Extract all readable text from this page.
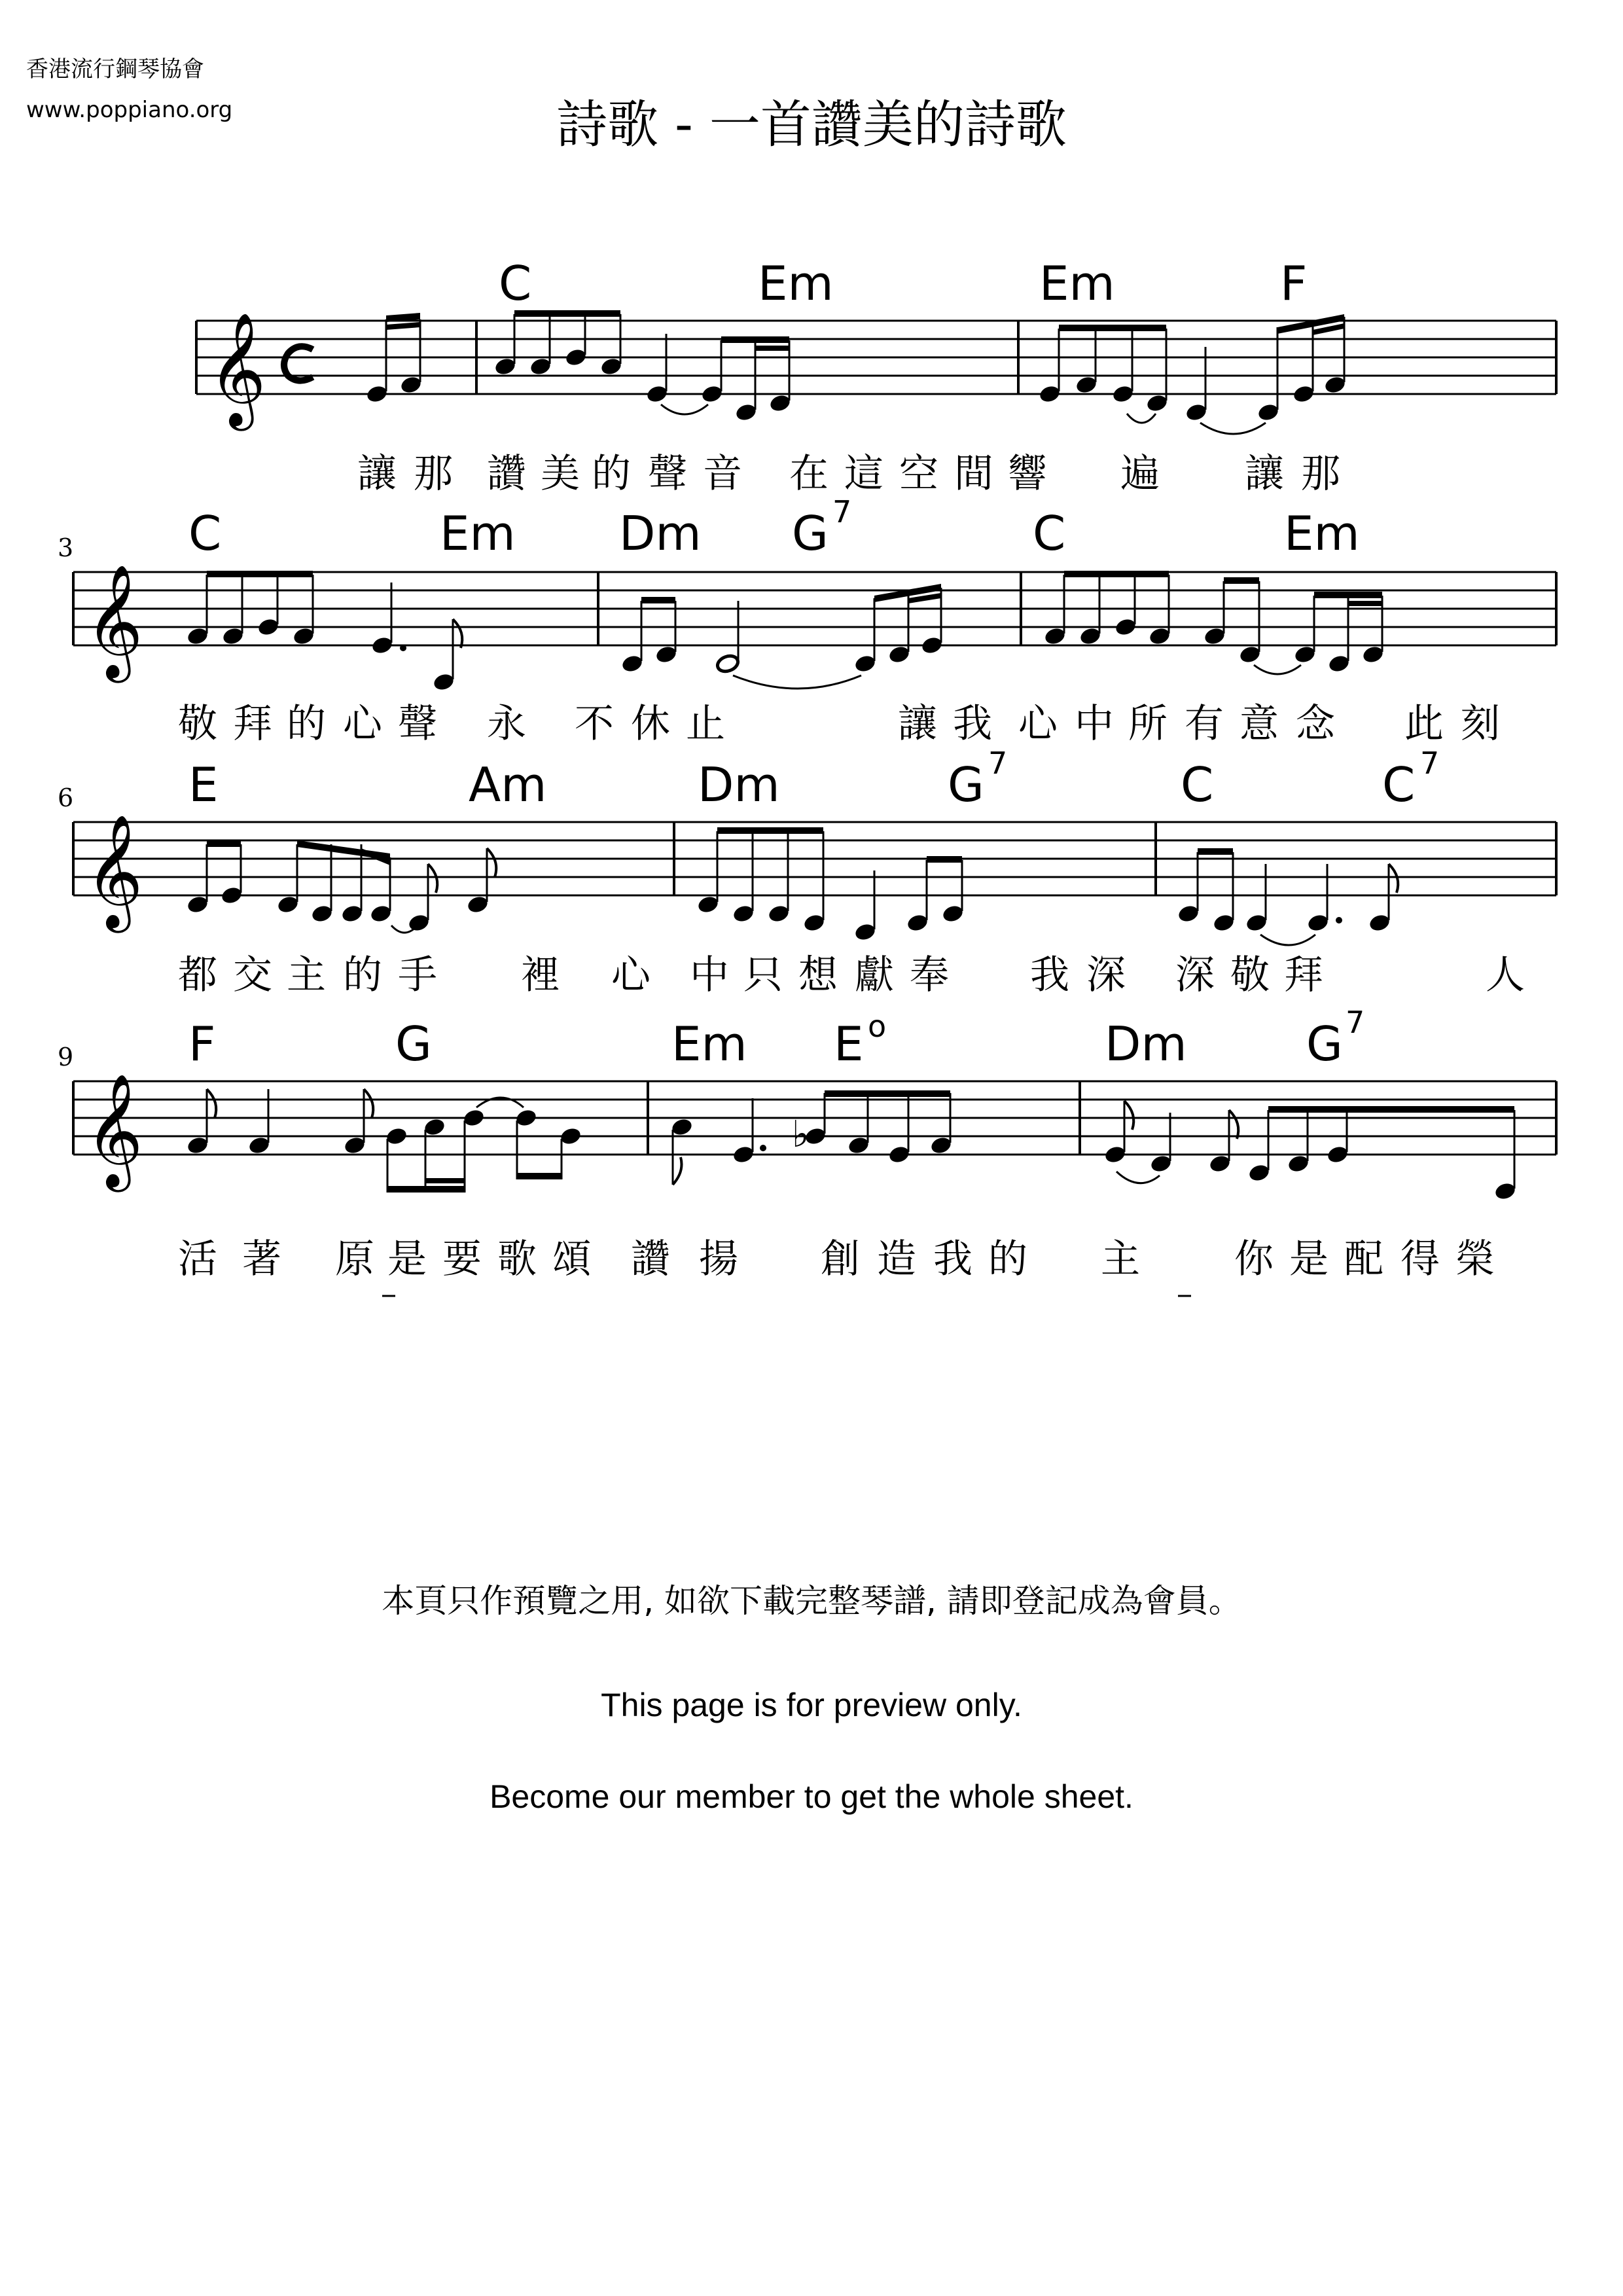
香港流行鋼琴協會
www.poppiano.org	詩歌 - 一首讚美的詩歌
𝄞
𝄞
𝄞
𝄞	♭
3
6
9
C	Em	Em	F
C	Em Dm G 7	C	Em
E	Am	Dm	G 7	C	C 7
F	G	Em E o	Dm	G 7
讓 那 讚 美 的 聲 音 在 這 空 間 響 遍 讓 那
敬 拜 的 心 聲 永 不 休 止	讓 我 心 中 所 有 意 念 此 刻
都 交 主 的 手 裡 心 中 只 想 獻 奉 我 深 深 敬 拜	人
活 著 原 是 要 歌 頌 讚 揚 創 造 我 的 主 你 是 配 得 榮
本頁只作預覽之用, 如欲下載完整琴譜, 請即登記成為會員。
This page is for preview only.
Become our member to get the whole sheet.
